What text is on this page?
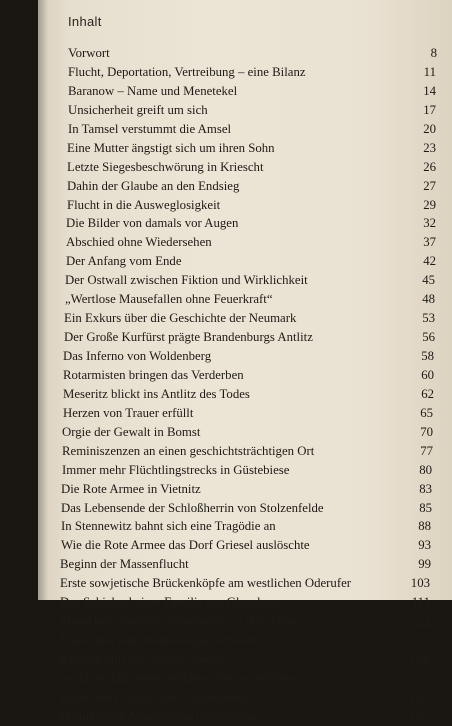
Inhalt
Vorwort	8
Flucht, Deportation, Vertreibung – eine Bilanz	11
Baranow – Name und Menetekel	14
Unsicherheit greift um sich	17
In Tamsel verstummt die Amsel	20
Eine Mutter ängstigt sich um ihren Sohn	23
Letzte Siegesbeschwörung in Kriescht	26
Dahin der Glaube an den Endsieg	27
Flucht in die Ausweglosigkeit	29
Die Bilder von damals vor Augen	32
Abschied ohne Wiedersehen	37
Der Anfang vom Ende	42
Der Ostwall zwischen Fiktion und Wirklichkeit	45
„Wertlose Mausefallen ohne Feuerkraft“	48
Ein Exkurs über die Geschichte der Neumark	53
Der Große Kurfürst prägte Brandenburgs Antlitz	56
Das Inferno von Woldenberg	58
Rotarmisten bringen das Verderben	60
Meseritz blickt ins Antlitz des Todes	62
Herzen von Trauer erfüllt	65
Orgie der Gewalt in Bomst	70
Reminiszenzen an einen geschichtsträchtigen Ort	77
Immer mehr Flüchtlingstrecks in Güstebiese	80
Die Rote Armee in Vietnitz	83
Das Lebensende der Schloßherrin von Stolzenfelde	85
In Stennewitz bahnt sich eine Tragödie an	88
Wie die Rote Armee das Dorf Griesel auslöschte	93
Beginn der Massenflucht	99
Erste sowjetische Brückenköpfe am westlichen Oderufer	103
Das Schicksal einer Familie aus Glauchow	111
Menschen scheiden gemeinsam aus dem Leben	122
Endstation Deportationslager Schwiebus	125
Kleinitz fällt der Gewalt anheim	128
Schukow läßt seine Soldaten sinnlos verbluten	132
Kunersdorf bringt sich in Erinnerung	136
Dramatische Augenblicke in Sternberg	140
